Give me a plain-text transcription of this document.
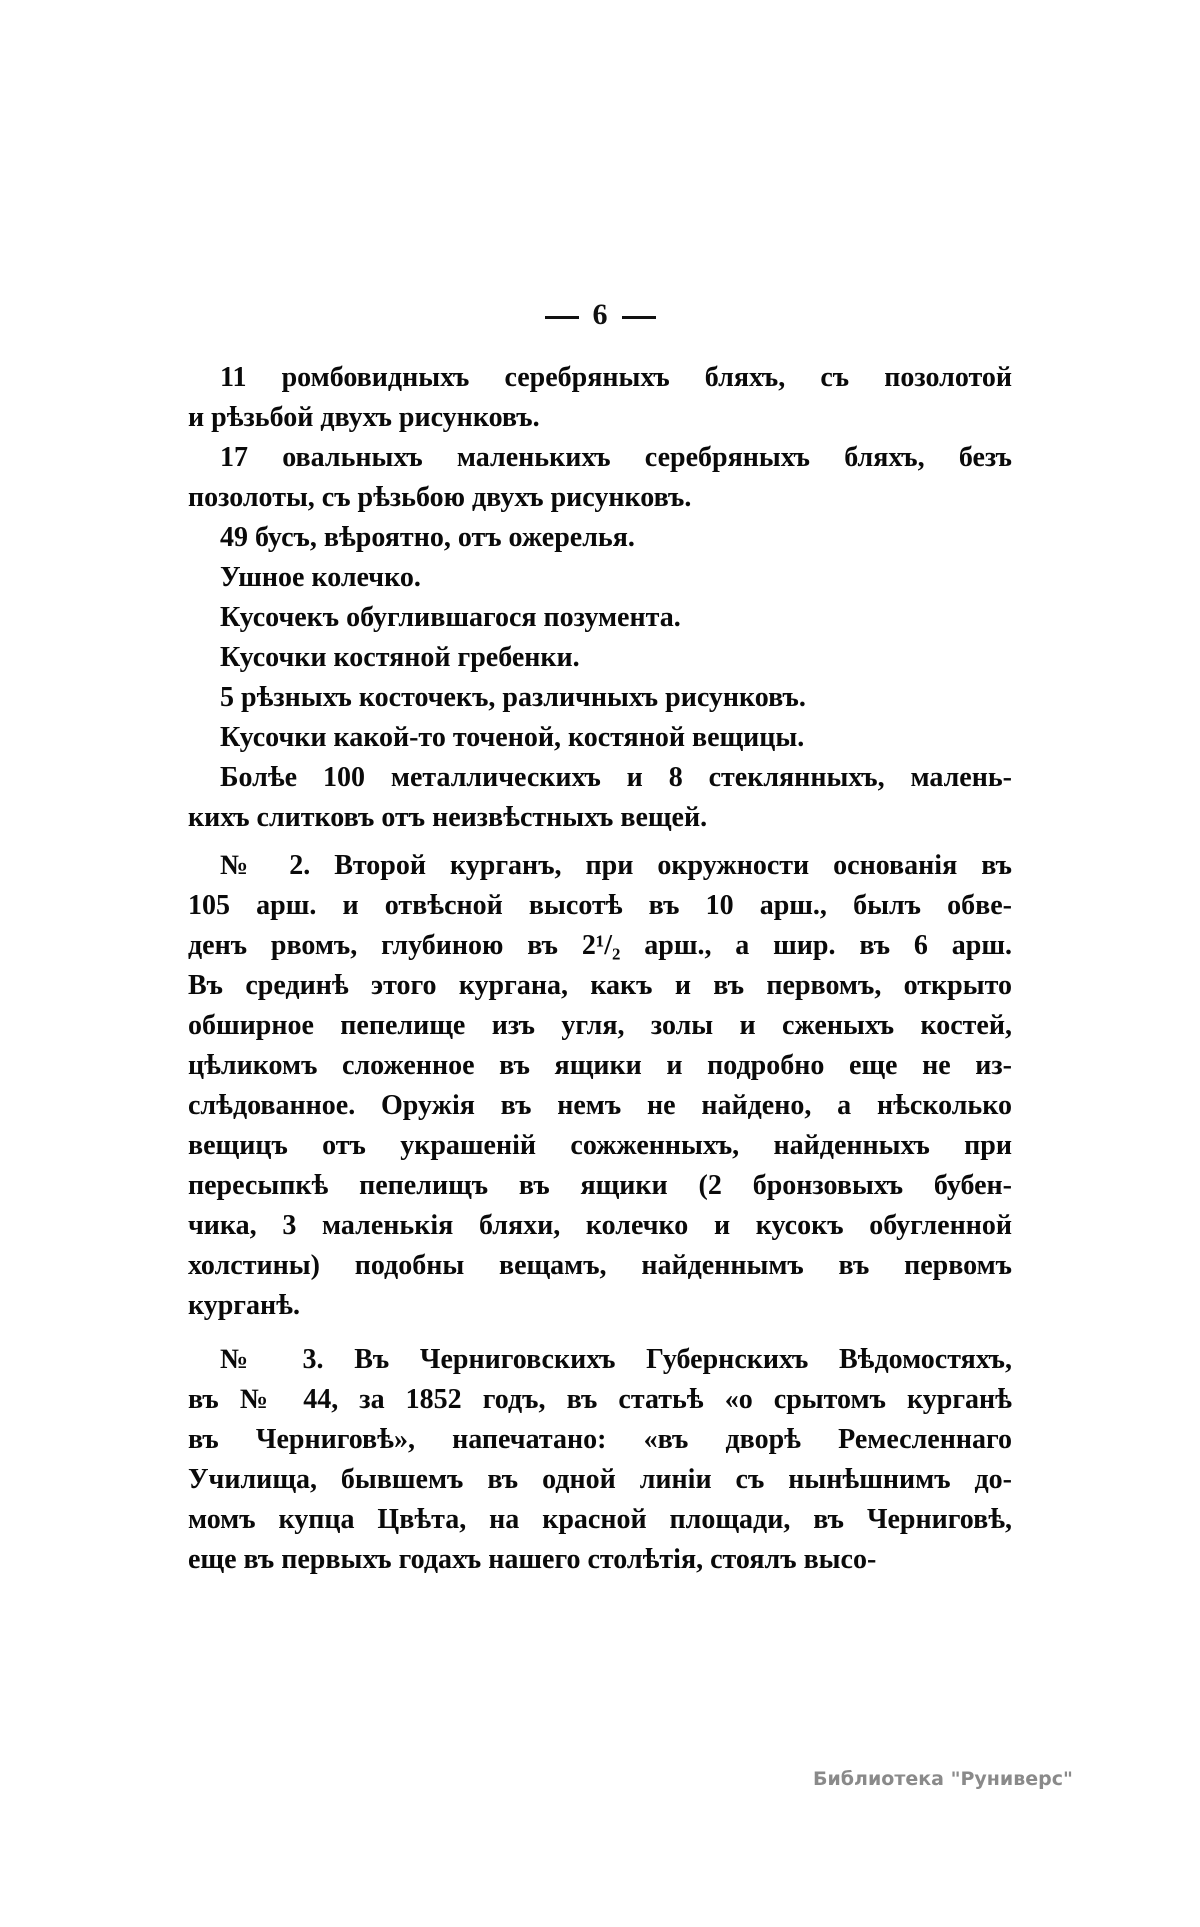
6
11 ромбовидныхъ серебряныхъ бляхъ, съ позолотой
и рѣзьбой двухъ рисунковъ.
17 овальныхъ маленькихъ серебряныхъ бляхъ, безъ
позолоты, съ рѣзьбою двухъ рисунковъ.
49 бусъ, вѣроятно, отъ ожерелья.
Ушное колечко.
Кусочекъ обуглившагося позумента.
Кусочки костяной гребенки.
5 рѣзныхъ косточекъ, различныхъ рисунковъ.
Кусочки какой-то точеной, костяной вещицы.
Болѣе 100 металлическихъ и 8 стеклянныхъ, малень-
кихъ слитковъ отъ неизвѣстныхъ вещей.
№ 2. Второй курганъ, при окружности основанія въ
105 арш. и отвѣсной высотѣ въ 10 арш., былъ обве-
денъ рвомъ, глубиною въ 2¹/₂ арш., а шир. въ 6 арш.
Въ срединѣ этого кургана, какъ и въ первомъ, открыто
обширное пепелище изъ угля, золы и сженыхъ костей,
цѣликомъ сложенное въ ящики и подробно еще не из-
слѣдованное. Оружія въ немъ не найдено, а нѣсколько
вещицъ отъ украшеній сожженныхъ, найденныхъ при
пересыпкѣ пепелищъ въ ящики (2 бронзовыхъ бубен-
чика, 3 маленькія бляхи, колечко и кусокъ обугленной
холстины) подобны вещамъ, найденнымъ въ первомъ
курганѣ.
№ 3. Въ Черниговскихъ Губернскихъ Вѣдомостяхъ,
въ № 44, за 1852 годъ, въ статьѣ «о срытомъ курганѣ
въ Черниговѣ», напечатано: «въ дворѣ Ремесленнаго
Училища, бывшемъ въ одной линіи съ нынѣшнимъ до-
момъ купца Цвѣта, на красной площади, въ Черниговѣ,
еще въ первыхъ годахъ нашего столѣтія, стоялъ высо-
Библиотека "Руниверс"
